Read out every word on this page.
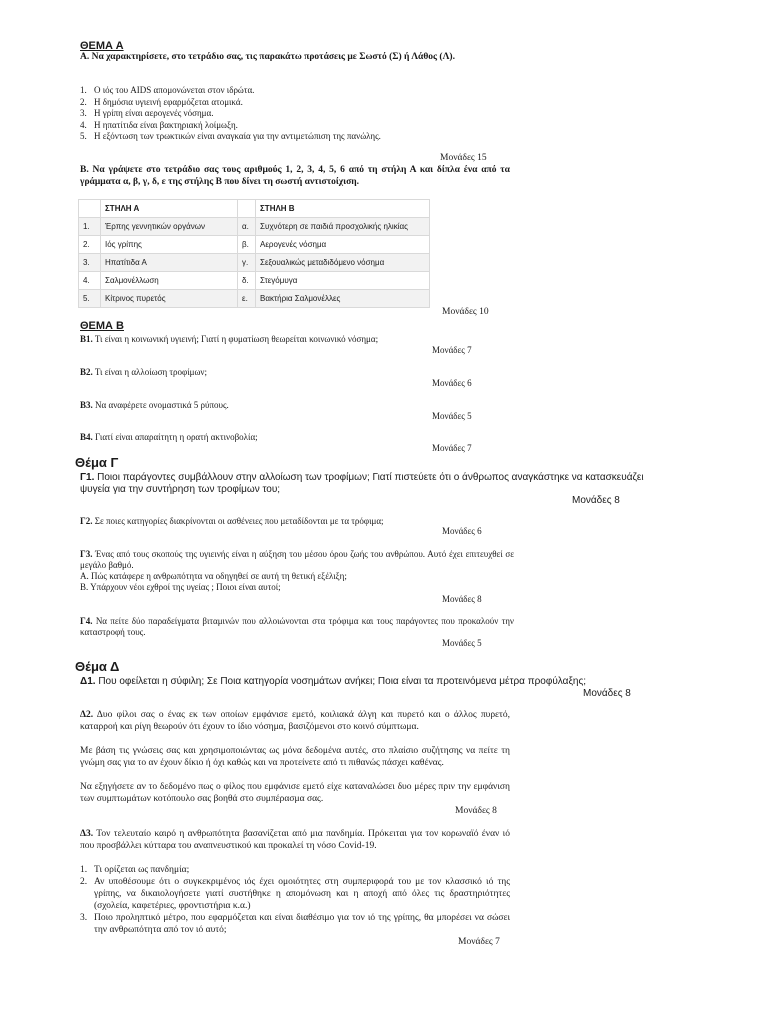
ΘΕΜΑ Α
Α. Να χαρακτηρίσετε, στο τετράδιο σας, τις παρακάτω προτάσεις με Σωστό (Σ) ή Λάθος (Λ).
1. Ο ιός του AIDS απομονώνεται στον ιδρώτα.
2. Η δημόσια υγιεινή εφαρμόζεται ατομικά.
3. Η γρίπη είναι αερογενές νόσημα.
4. Η ηπατίτιδα είναι βακτηριακή λοίμωξη.
5. Η εξόντωση των τρωκτικών είναι αναγκαία για την αντιμετώπιση της πανώλης.
Μονάδες 15
Β. Να γράψετε στο τετράδιο σας τους αριθμούς 1, 2, 3, 4, 5, 6 από τη στήλη Α και δίπλα ένα από τα γράμματα α, β, γ, δ, ε της στήλης Β που δίνει τη σωστή αντιστοίχιση.
	ΣΤΗΛΗ Α		ΣΤΗΛΗ Β
1.	Έρπης γεννητικών οργάνων	α.	Συχνότερη σε παιδιά προσχολικής ηλικίας
2.	Ιός γρίπης	β.	Αερογενές νόσημα
3.	Ηπατίτιδα Α	γ.	Σεξουαλικώς μεταδιδόμενο νόσημα
4.	Σαλμονέλλωση	δ.	Στεγόμυγα
5.	Κίτρινος πυρετός	ε.	Βακτήρια Σαλμονέλλες
Μονάδες 10
ΘΕΜΑ Β
Β1. Τι είναι η κοινωνική υγιεινή; Γιατί η φυματίωση θεωρείται κοινωνικό νόσημα;
Μονάδες 7
Β2. Τι είναι η αλλοίωση τροφίμων;
Μονάδες 6
Β3. Να αναφέρετε ονομαστικά 5 ρύπους.
Μονάδες 5
Β4. Γιατί είναι απαραίτητη η ορατή ακτινοβολία;
Μονάδες 7
Θέμα Γ
Γ1. Ποιοι παράγοντες συμβάλλουν στην αλλοίωση των τροφίμων; Γιατί πιστεύετε ότι ο άνθρωπος αναγκάστηκε να κατασκευάζει
ψυγεία για την συντήρηση των τροφίμων του;
Μονάδες 8
Γ2. Σε ποιες κατηγορίες διακρίνονται οι ασθένειες που μεταδίδονται με τα τρόφιμα;
Μονάδες 6
Γ3. Ένας από τους σκοπούς της υγιεινής είναι η αύξηση του μέσου όρου ζωής του ανθρώπου. Αυτό έχει επιτευχθεί σε μεγάλο βαθμό.
Α. Πώς κατάφερε η ανθρωπότητα να οδηγηθεί σε αυτή τη θετική εξέλιξη;
Β. Υπάρχουν νέοι εχθροί της υγείας ; Ποιοι είναι αυτοί;
Μονάδες 8
Γ4. Να πείτε δύο παραδείγματα βιταμινών που αλλοιώνονται στα τρόφιμα και τους παράγοντες που προκαλούν την καταστροφή τους.
Μονάδες 5
Θέμα Δ
Δ1. Που οφείλεται η σύφιλη; Σε Ποια κατηγορία νοσημάτων ανήκει; Ποια είναι τα προτεινόμενα μέτρα προφύλαξης;
Μονάδες 8
Δ2. Δυο φίλοι σας ο ένας εκ των οποίων εμφάνισε εμετό, κοιλιακά άλγη και πυρετό και ο άλλος πυρετό, καταρροή και ρίγη θεωρούν ότι έχουν το ίδιο νόσημα, βασιζόμενοι στο κοινό σύμπτωμα.
Με βάση τις γνώσεις σας και χρησιμοποιώντας ως μόνα δεδομένα αυτές, στο πλαίσιο συζήτησης να πείτε τη γνώμη σας για το αν έχουν δίκιο ή όχι καθώς και να προτείνετε από τι πιθανώς πάσχει καθένας.
Να εξηγήσετε αν το δεδομένο πως ο φίλος που εμφάνισε εμετό είχε καταναλώσει δυο μέρες πριν την εμφάνιση των συμπτωμάτων κοτόπουλο σας βοηθά στο συμπέρασμα σας.
Μονάδες 8
Δ3. Τον τελευταίο καιρό η ανθρωπότητα βασανίζεται από μια πανδημία. Πρόκειται για τον κορωναϊό έναν ιό που προσβάλλει κύτταρα του αναπνευστικού και προκαλεί τη νόσο Covid-19.
1. Τι ορίζεται ως πανδημία;
2. Αν υποθέσουμε ότι ο συγκεκριμένος ιός έχει ομοιότητες στη συμπεριφορά του με τον κλασσικό ιό της γρίπης, να δικαιολογήσετε γιατί συστήθηκε η απομόνωση και η αποχή από όλες τις δραστηριότητες (σχολεία, καφετέριες, φροντιστήρια κ.α.)
3. Ποιο προληπτικό μέτρο, που εφαρμόζεται και είναι διαθέσιμο για τον ιό της γρίπης, θα μπορέσει να σώσει την ανθρωπότητα από τον ιό αυτό;
Μονάδες 7
